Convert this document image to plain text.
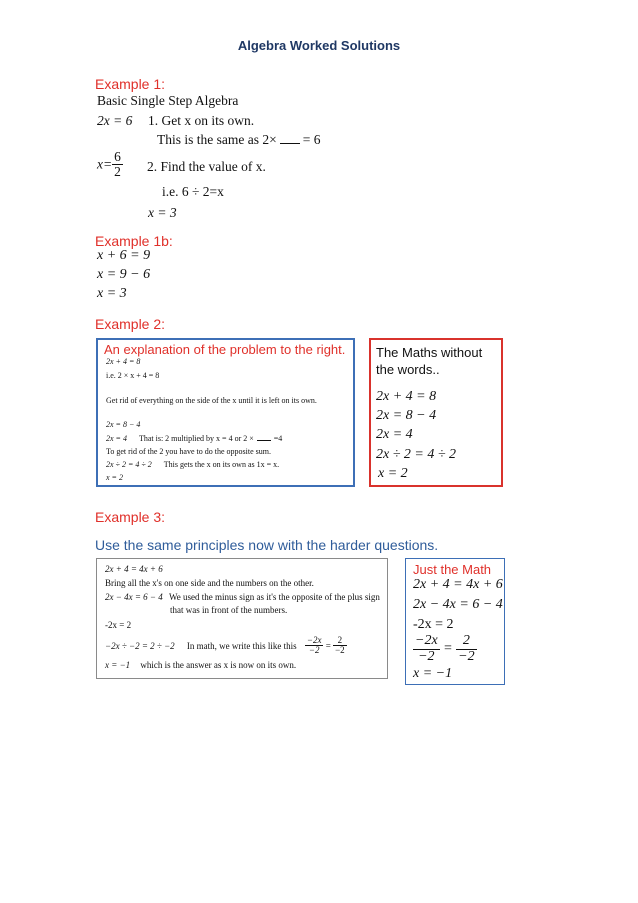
Algebra Worked Solutions
Example 1:
Basic Single Step Algebra
2x = 6 1. Get x on its own.
This is the same as 2× = 6
$x= \frac{6}{2} 2$. Find the value of x.
i.e. 6 ÷ 2=x
x = 3
Example 1b:
x + 6 = 9
x = 9 − 6
x = 3
Example 2:
An explanation of the problem to the right.
2x + 4 = 8
i.e. 2 × x + 4 = 8
Get rid of everything on the side of the x until it is left on its own.
2x = 8 − 4
2x = 4 That is: 2 multiplied by x = 4 or 2 ×	=4
To get rid of the 2 you have to do the opposite sum.
2x ÷ 2 = 4 ÷ 2 This gets the x on its own as 1x = x.
x = 2
The Maths without the words..
2x + 4 = 8
2x = 8 − 4
2x = 4
2x ÷ 2 = 4 ÷ 2
x = 2
Example 3:
Use the same principles now with the harder questions.
2x + 4 = 4x + 6
Bring all the x's on one side and the numbers on the other.
2x − 4x = 6 − 4 We used the minus sign as it's the opposite of the plus sign
that was in front of the numbers.
-2x = 2
−2x ÷ −2 = 2 ÷ −2 In math, we write this like this $\frac{-2x}{-2} = \frac{2}{-2}$
x = −1 which is the answer as x is now on its own.
Just the Math
2x + 4 = 4x + 6
2x − 4x = 6 − 4
-2x = 2
$\frac{-2x}{-2} = \frac{2}{-2}$
x = −1
